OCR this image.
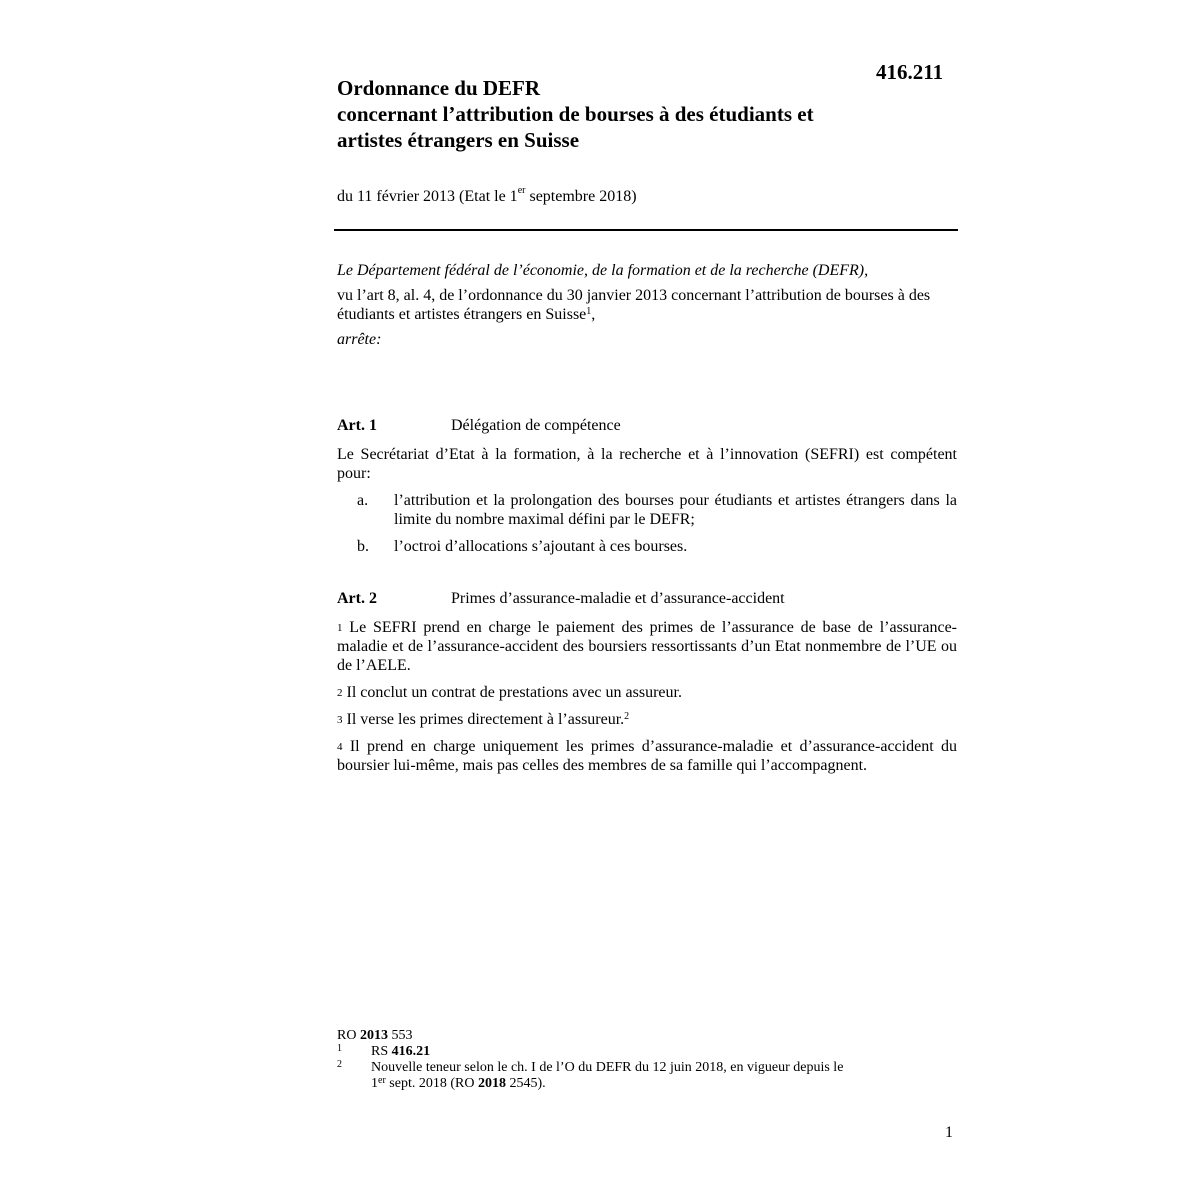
416.211
Ordonnance du DEFR
concernant l’attribution de bourses à des étudiants et
artistes étrangers en Suisse
du 11 février 2013 (Etat le 1er septembre 2018)
Le Département fédéral de l’économie, de la formation et de la recherche (DEFR),
vu l’art 8, al. 4, de l’ordonnance du 30 janvier 2013 concernant l’attribution de bourses à des étudiants et artistes étrangers en Suisse$^1$,
arrête:
Art. 1	Délégation de compétence
Le Secrétariat d’Etat à la formation, à la recherche et à l’innovation (SEFRI) est compétent pour:
a. l’attribution et la prolongation des bourses pour étudiants et artistes étrangers dans la limite du nombre maximal défini par le DEFR;
b. l’octroi d’allocations s’ajoutant à ces bourses.
Art. 2	Primes d’assurance-maladie et d’assurance-accident
$^1$ Le SEFRI prend en charge le paiement des primes de l’assurance de base de l’assurance-maladie et de l’assurance-accident des boursiers ressortissants d’un Etat nonmembre de l’UE ou de l’AELE.
$^2$ Il conclut un contrat de prestations avec un assureur.
$^3$ Il verse les primes directement à l’assureur.$^2$
$^4$ Il prend en charge uniquement les primes d’assurance-maladie et d’assurance-accident du boursier lui-même, mais pas celles des membres de sa famille qui l’accompagnent.
RO 2013 553
1 RS 416.21
2 Nouvelle teneur selon le ch. I de l’O du DEFR du 12 juin 2018, en vigueur depuis le
1er sept. 2018 (RO 2018 2545).
1
